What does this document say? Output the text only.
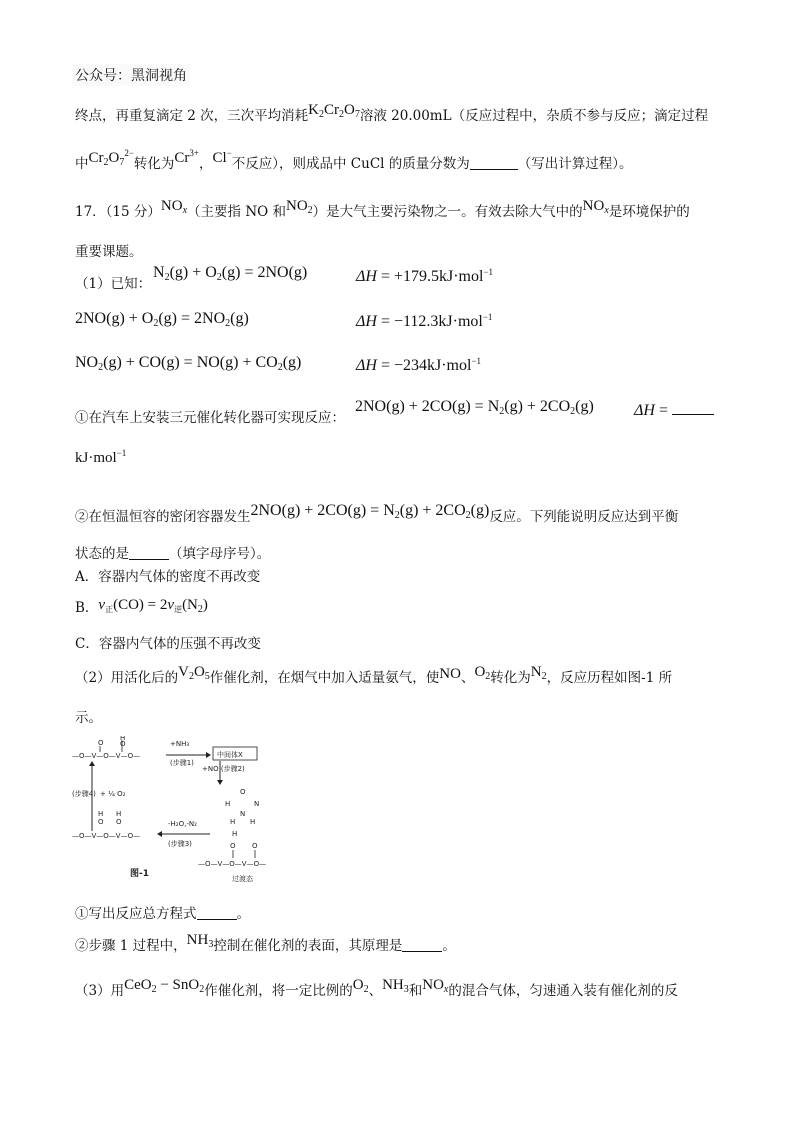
公众号：黑洞视角
终点，再重复滴定 2 次，三次平均消耗$K_2Cr_2O_7$溶液 20.00mL（反应过程中，杂质不参与反应；滴定过程
中$Cr_2O_7^{2-}$转化为$Cr^{3+}$，Cl−不反应），则成品中 CuCl 的质量分数为	（写出计算过程）。
17．（15 分）$NO_x$（主要指 NO 和$NO_2$）是大气主要污染物之一。有效去除大气中的$NO_x$是环境保护的
重要课题。
（1）已知：
$N_2(g) + O_2(g) = 2NO(g)$	ΔH = +179.5kJ·mol$^{-1}$
$2NO(g) + O_2(g) = 2NO_2(g)$	ΔH = −112.3kJ·mol$^{-1}$
$NO_2(g) + CO(g) = NO(g) + CO_2(g)$	ΔH = −234kJ·mol$^{-1}$
①在汽车上安装三元催化转化器可实现反应：
$2NO(g) + 2CO(g) = N_2(g) + 2CO_2(g)$	ΔH =
kJ·mol$^{-1}$
②在恒温恒容的密闭容器发生$2NO(g) + 2CO(g) = N_2(g) + 2CO_2(g)$反应。下列能说明反应达到平衡
状态的是	（填字母序号）。
A．容器内气体的密度不再改变
B．$v_正(CO) = 2v_逆(N_2)$
C．容器内气体的压强不再改变
（2）用活化后的$V_2O_5$作催化剂，在烟气中加入适量氨气，使NO、$O_2$转化为$N_2$，反应历程如图-1 所
示。
—O—V—O—V—O—
H
O O	+NH₃
(步骤1)
中间体X
+NO (步骤2)
O
H	N
N
H H
H
O O
—O—V—O—V—O—
过渡态
(步骤4) + ¼ O₂
-H₂O,-N₂
(步骤3)
H H
O O
—O—V—O—V—O—
图-1
①写出反应总方程式	。
②步骤 1 过程中，$NH_3$控制在催化剂的表面，其原理是	。
（3）用CeO$_2$ − SnO$_2$作催化剂，将一定比例的$O_2$、$NH_3$和$NO_x$的混合气体，匀速通入装有催化剂的反
